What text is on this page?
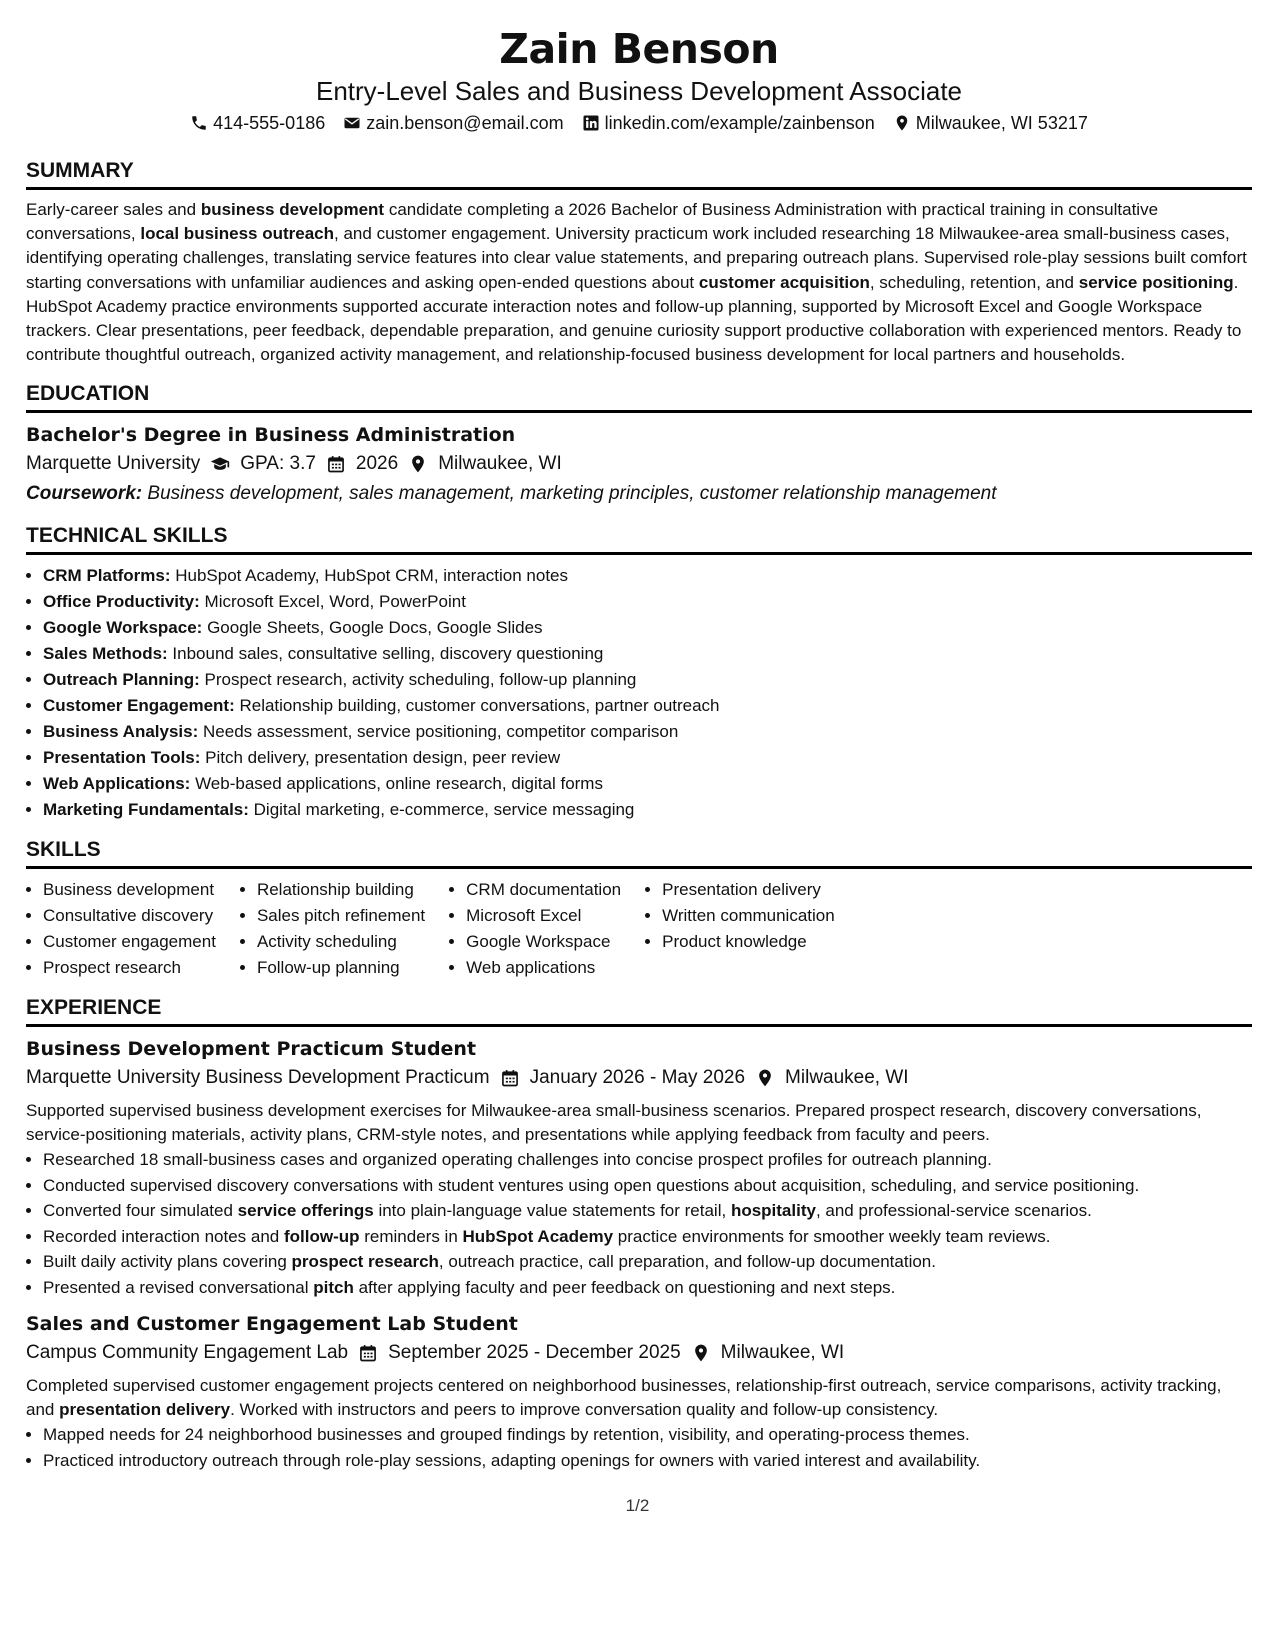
Zain Benson
Entry-Level Sales and Business Development Associate
414-555-0186 zain.benson@email.com linkedin.com/example/zainbenson Milwaukee, WI 53217
SUMMARY
Early-career sales and business development candidate completing a 2026 Bachelor of Business Administration with practical training in consultative conversations, local business outreach, and customer engagement. University practicum work included researching 18 Milwaukee-area small-business cases, identifying operating challenges, translating service features into clear value statements, and preparing outreach plans. Supervised role-play sessions built comfort starting conversations with unfamiliar audiences and asking open-ended questions about customer acquisition, scheduling, retention, and service positioning. HubSpot Academy practice environments supported accurate interaction notes and follow-up planning, supported by Microsoft Excel and Google Workspace trackers. Clear presentations, peer feedback, dependable preparation, and genuine curiosity support productive collaboration with experienced mentors. Ready to contribute thoughtful outreach, organized activity management, and relationship-focused business development for local partners and households.
EDUCATION
Bachelor's Degree in Business Administration
Marquette University GPA: 3.7 2026 Milwaukee, WI
Coursework: Business development, sales management, marketing principles, customer relationship management
TECHNICAL SKILLS
• CRM Platforms: HubSpot Academy, HubSpot CRM, interaction notes
• Office Productivity: Microsoft Excel, Word, PowerPoint
• Google Workspace: Google Sheets, Google Docs, Google Slides
• Sales Methods: Inbound sales, consultative selling, discovery questioning
• Outreach Planning: Prospect research, activity scheduling, follow-up planning
• Customer Engagement: Relationship building, customer conversations, partner outreach
• Business Analysis: Needs assessment, service positioning, competitor comparison
• Presentation Tools: Pitch delivery, presentation design, peer review
• Web Applications: Web-based applications, online research, digital forms
• Marketing Fundamentals: Digital marketing, e-commerce, service messaging
SKILLS
• Business development
• Consultative discovery
• Customer engagement
• Prospect research
• Relationship building
• Sales pitch refinement
• Activity scheduling
• Follow-up planning
• CRM documentation
• Microsoft Excel
• Google Workspace
• Web applications
• Presentation delivery
• Written communication
• Product knowledge
EXPERIENCE
Business Development Practicum Student
Marquette University Business Development Practicum January 2026 - May 2026 Milwaukee, WI
Supported supervised business development exercises for Milwaukee-area small-business scenarios. Prepared prospect research, discovery conversations, service-positioning materials, activity plans, CRM-style notes, and presentations while applying feedback from faculty and peers.
• Researched 18 small-business cases and organized operating challenges into concise prospect profiles for outreach planning.
• Conducted supervised discovery conversations with student ventures using open questions about acquisition, scheduling, and service positioning.
• Converted four simulated service offerings into plain-language value statements for retail, hospitality, and professional-service scenarios.
• Recorded interaction notes and follow-up reminders in HubSpot Academy practice environments for smoother weekly team reviews.
• Built daily activity plans covering prospect research, outreach practice, call preparation, and follow-up documentation.
• Presented a revised conversational pitch after applying faculty and peer feedback on questioning and next steps.
Sales and Customer Engagement Lab Student
Campus Community Engagement Lab September 2025 - December 2025 Milwaukee, WI
Completed supervised customer engagement projects centered on neighborhood businesses, relationship-first outreach, service comparisons, activity tracking, and presentation delivery. Worked with instructors and peers to improve conversation quality and follow-up consistency.
• Mapped needs for 24 neighborhood businesses and grouped findings by retention, visibility, and operating-process themes.
• Practiced introductory outreach through role-play sessions, adapting openings for owners with varied interest and availability.
1/2
